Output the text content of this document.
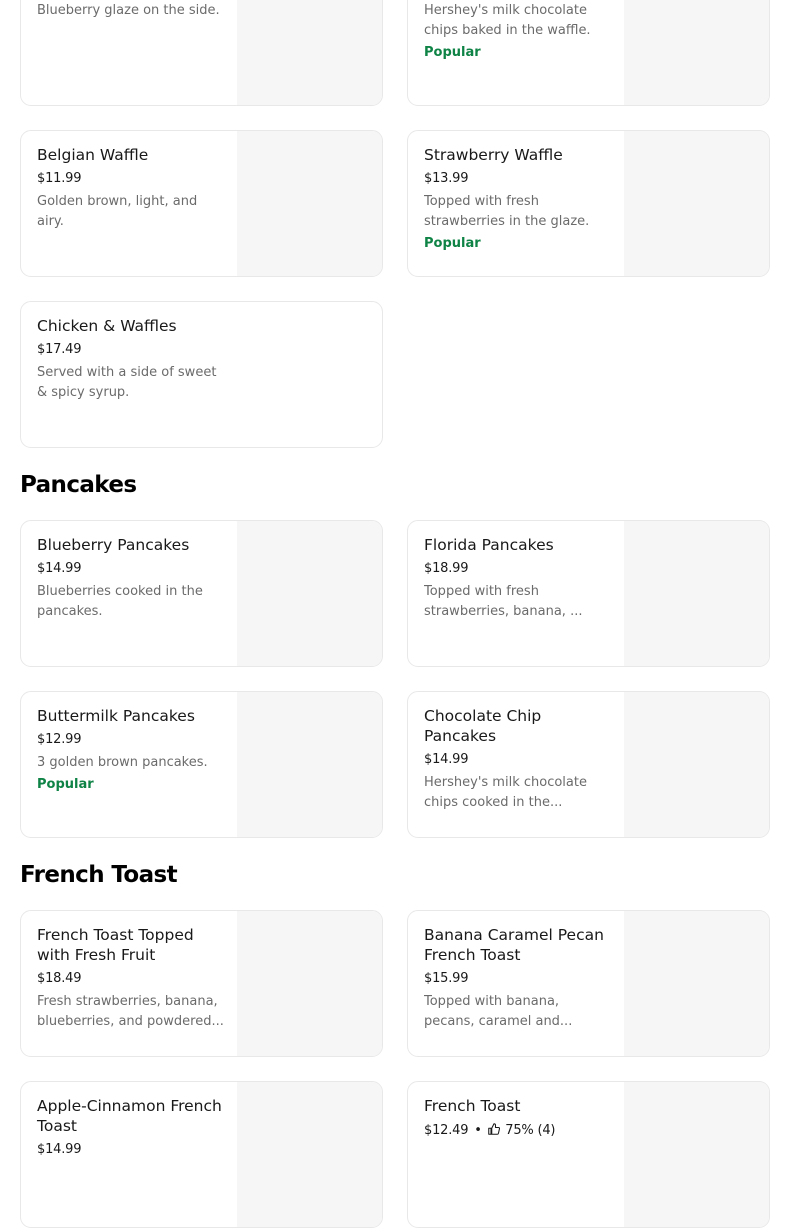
Blueberry glaze on the side.	Hershey's milk chocolate chips baked in the waffle.
Popular
Belgian Waffle
$11.99
Golden brown, light, and airy.
Strawberry Waffle
$13.99
Topped with fresh strawberries in the glaze.
Popular
Chicken & Waffles
$17.49
Served with a side of sweet & spicy syrup.
Pancakes
Blueberry Pancakes
$14.99
Blueberries cooked in the pancakes.
Florida Pancakes
$18.99
Topped with fresh strawberries, banana, ...
Buttermilk Pancakes
$12.99
3 golden brown pancakes.
Popular
Chocolate Chip Pancakes
$14.99
Hershey's milk chocolate chips cooked in the...
French Toast
French Toast Topped with Fresh Fruit
$18.49
Fresh strawberries, banana, blueberries, and powdered...
Banana Caramel Pecan French Toast
$15.99
Topped with banana, pecans, caramel and...
Apple-Cinnamon French Toast
$14.99
French Toast
$12.49 • 75% (4)
